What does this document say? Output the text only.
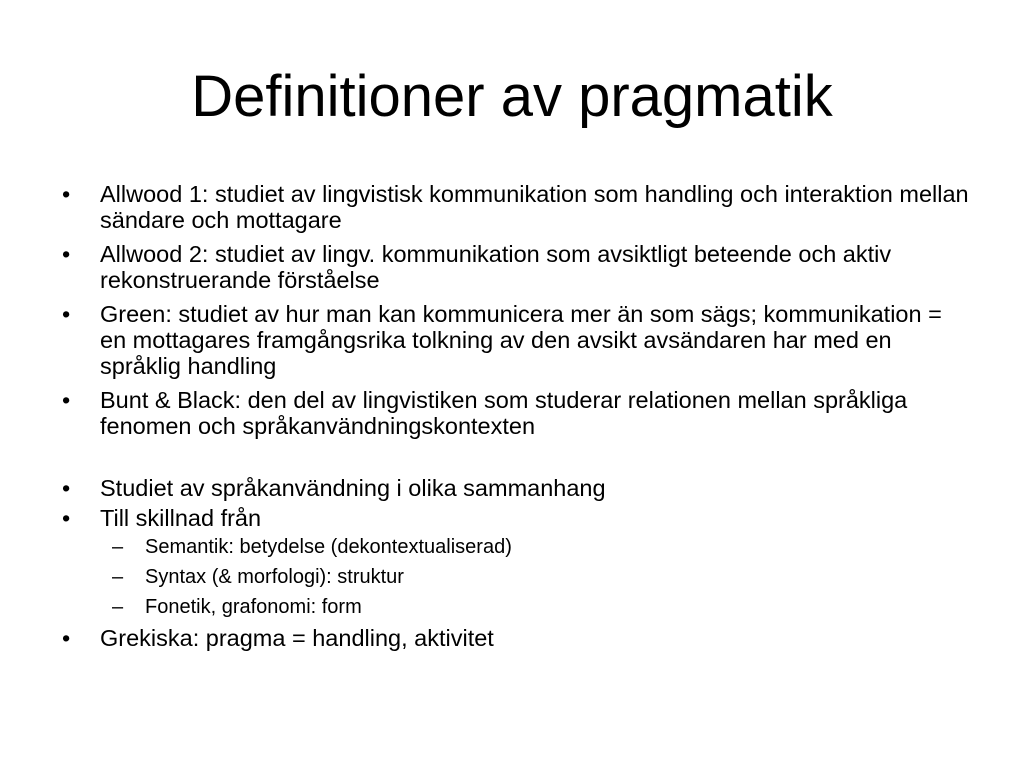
Definitioner av pragmatik
• Allwood 1: studiet av lingvistisk kommunikation som handling och interaktion mellan sändare och mottagare
• Allwood 2: studiet av lingv. kommunikation som avsiktligt beteende och aktiv rekonstruerande förståelse
• Green: studiet av hur man kan kommunicera mer än som sägs; kommunikation = en mottagares framgångsrika tolkning av den avsikt avsändaren har med en språklig handling
• Bunt & Black: den del av lingvistiken som studerar relationen mellan språkliga fenomen och språkanvändningskontexten
• Studiet av språkanvändning i olika sammanhang
• Till skillnad från
– Semantik: betydelse (dekontextualiserad)
– Syntax (& morfologi): struktur
– Fonetik, grafonomi: form
• Grekiska: pragma = handling, aktivitet
